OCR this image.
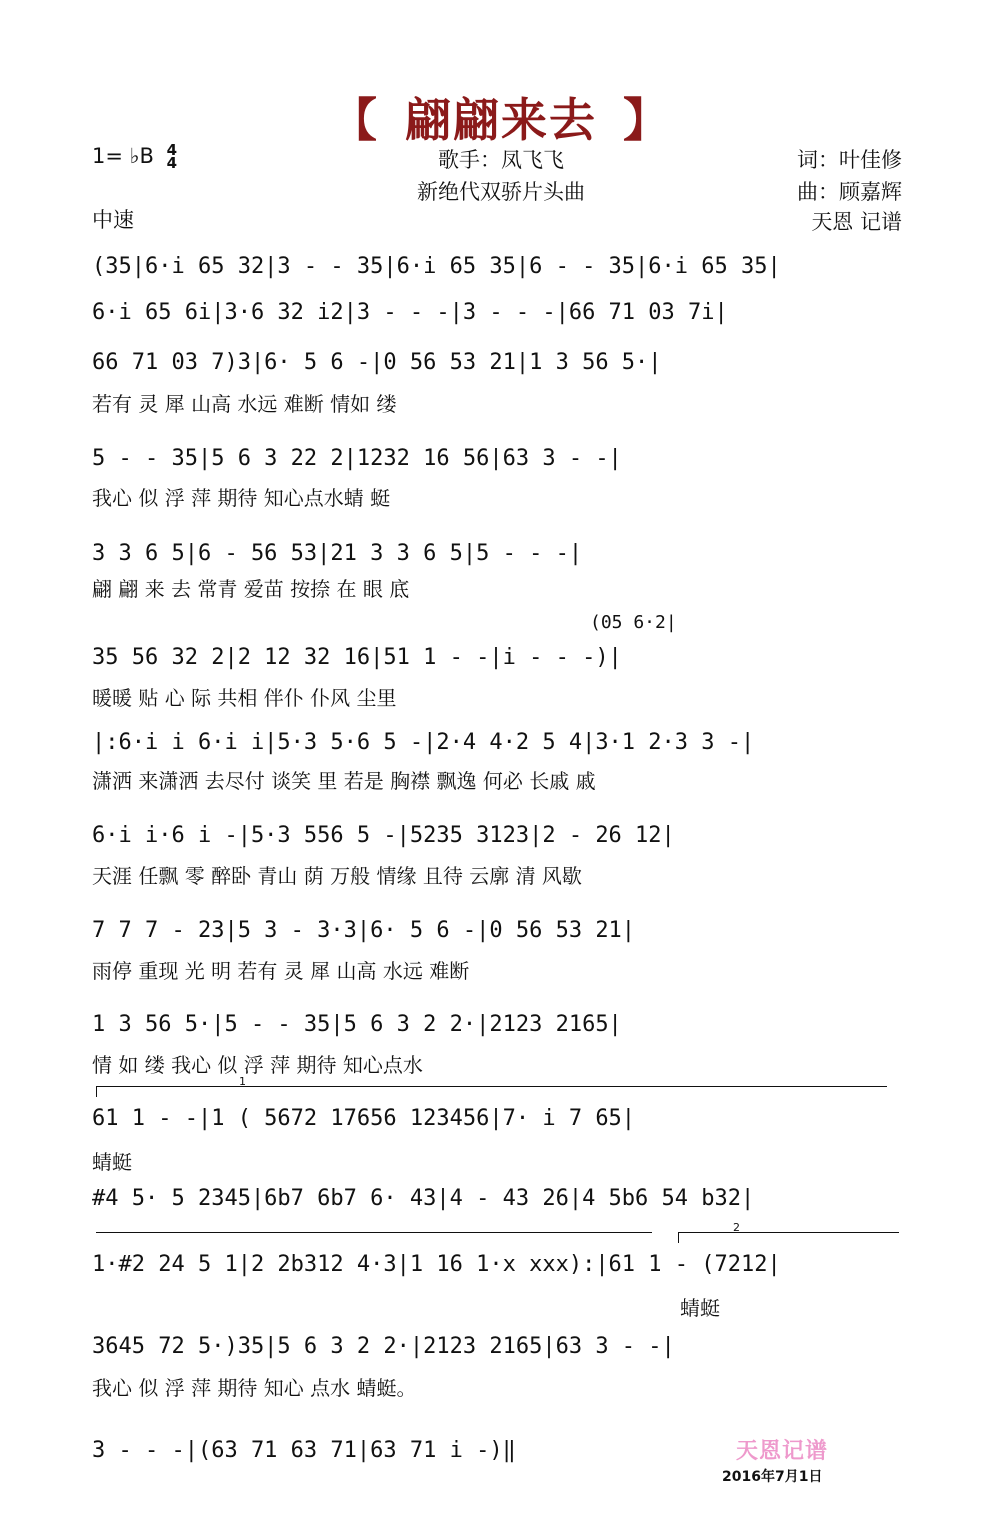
【 翩翩来去 】
1= ♭B 4
4
中速
歌手：凤飞飞
新绝代双骄片头曲
词：叶佳修
曲：顾嘉辉
天恩 记谱
(35|6·i 65 32|3 - - 35|6·i 65 35|6 - - 35|6·i 65 35|
6·i 65 6i|3·6 32 i2|3 - - -|3 - - -|66 71 03 7i|
66 71 03 7)3|6· 5 6 -|0 56 53 21|1 3 56 5·|
若有 灵 犀 山高 水远 难断 情如 缕
5 - - 35|5 6 3 22 2|1232 16 56|63 3 - -|
我心 似 浮 萍 期待 知心点水蜻 蜓
3 3 6 5|6 - 56 53|21 3 3 6 5|5 - - -|
翩 翩 来 去 常青 爱苗 按捺 在 眼 底
(05 6·2|
35 56 32 2|2 12 32 16|51 1 - -|i - - -)|
暖暖 贴 心 际 共相 伴仆 仆风 尘里
|:6·i i 6·i i|5·3 5·6 5 -|2·4 4·2 5 4|3·1 2·3 3 -|
潇洒 来潇洒 去尽付 谈笑 里 若是 胸襟 飘逸 何必 长戚 戚
6·i i·6 i -|5·3 556 5 -|5235 3123|2 - 26 12|
天涯 任飘 零 醉卧 青山 荫 万般 情缘 且待 云廓 清 风歇
7 7 7 - 23|5 3 - 3·3|6· 5 6 -|0 56 53 21|
雨停 重现 光 明 若有 灵 犀 山高 水远 难断
1 3 56 5·|5 - - 35|5 6 3 2 2·|2123 2165|
情 如 缕 我心 似 浮 萍 期待 知心点水
1
61 1 - -|1 ( 5672 17656 123456|7· i 7 65|
蜻蜓
#4 5· 5 2345|6b7 6b7 6· 43|4 - 43 26|4 5b6 54 b32|
2
1·#2 24 5 1|2 2b312 4·3|1 16 1·x xxx):|61 1 - (7212|
蜻蜓
3645 72 5·)35|5 6 3 2 2·|2123 2165|63 3 - -|
我心 似 浮 萍 期待 知心 点水 蜻蜓。
3 - - -|(63 71 63 71|63 71 i -)‖	天恩记谱
2016年7月1日
